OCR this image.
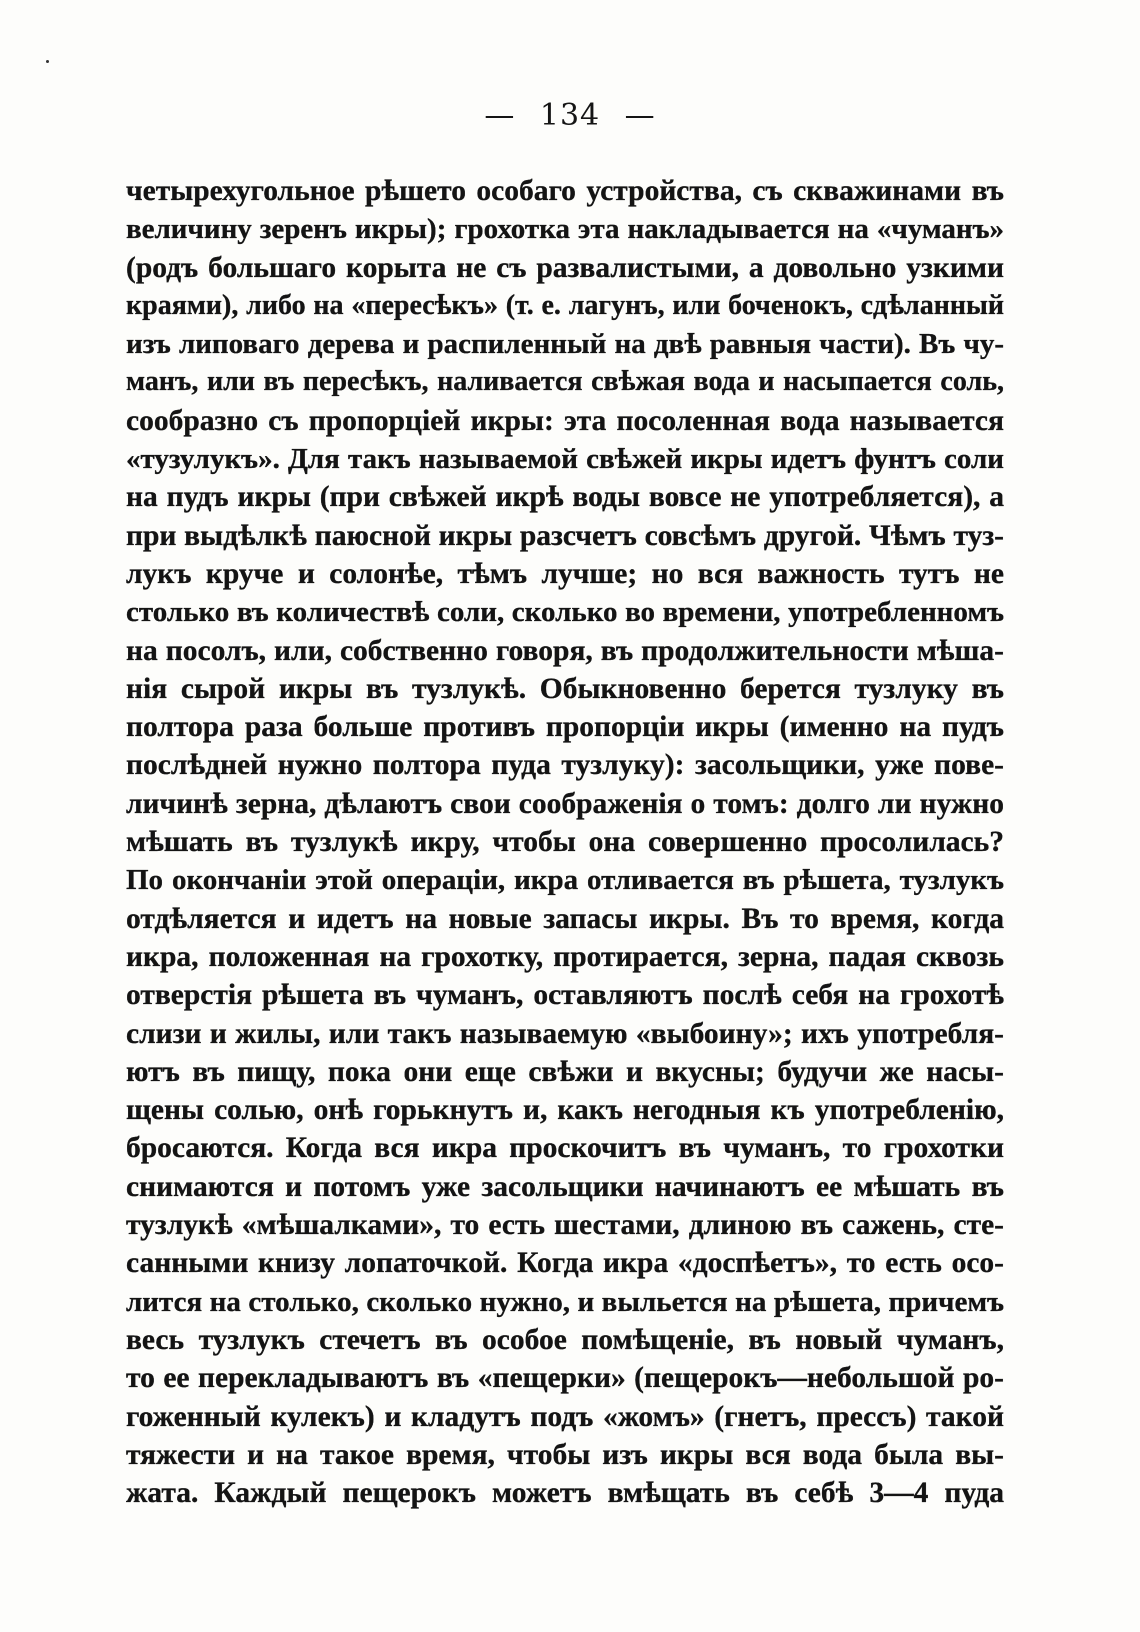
— 134 —
четырехугольное рѣшето особаго устройства, съ скважинами въ
величину зеренъ икры); грохотка эта накладывается на «чуманъ»
(родъ большаго корыта не съ развалистыми, а довольно узкими
краями), либо на «пересѣкъ» (т. е. лагунъ, или боченокъ, сдѣланный
изъ липоваго дерева и распиленный на двѣ равныя части). Въ чу-
манъ, или въ пересѣкъ, наливается свѣжая вода и насыпается соль,
сообразно съ пропорціей икры: эта посоленная вода называется
«тузулукъ». Для такъ называемой свѣжей икры идетъ фунтъ соли
на пудъ икры (при свѣжей икрѣ воды вовсе не употребляется), а
при выдѣлкѣ паюсной икры разсчетъ совсѣмъ другой. Чѣмъ туз-
лукъ круче и солонѣе, тѣмъ лучше; но вся важность тутъ не
столько въ количествѣ соли, сколько во времени, употребленномъ
на посолъ, или, собственно говоря, въ продолжительности мѣша-
нія сырой икры въ тузлукѣ. Обыкновенно берется тузлуку въ
полтора раза больше противъ пропорціи икры (именно на пудъ
послѣдней нужно полтора пуда тузлуку): засольщики, уже пове-
личинѣ зерна, дѣлаютъ свои соображенія о томъ: долго ли нужно
мѣшать въ тузлукѣ икру, чтобы она совершенно просолилась?
По окончаніи этой операціи, икра отливается въ рѣшета, тузлукъ
отдѣляется и идетъ на новые запасы икры. Въ то время, когда
икра, положенная на грохотку, протирается, зерна, падая сквозь
отверстія рѣшета въ чуманъ, оставляютъ послѣ себя на грохотѣ
слизи и жилы, или такъ называемую «выбоину»; ихъ употребля-
ютъ въ пищу, пока они еще свѣжи и вкусны; будучи же насы-
щены солью, онѣ горькнутъ и, какъ негодныя къ употребленію,
бросаются. Когда вся икра проскочитъ въ чуманъ, то грохотки
снимаются и потомъ уже засольщики начинаютъ ее мѣшать въ
тузлукѣ «мѣшалками», то есть шестами, длиною въ сажень, сте-
санными книзу лопаточкой. Когда икра «доспѣетъ», то есть осо-
лится на столько, сколько нужно, и выльется на рѣшета, причемъ
весь тузлукъ стечетъ въ особое помѣщеніе, въ новый чуманъ,
то ее перекладываютъ въ «пещерки» (пещерокъ—небольшой ро-
гоженный кулекъ) и кладутъ подъ «жомъ» (гнетъ, прессъ) такой
тяжести и на такое время, чтобы изъ икры вся вода была вы-
жата. Каждый пещерокъ можетъ вмѣщать въ себѣ 3—4 пуда
